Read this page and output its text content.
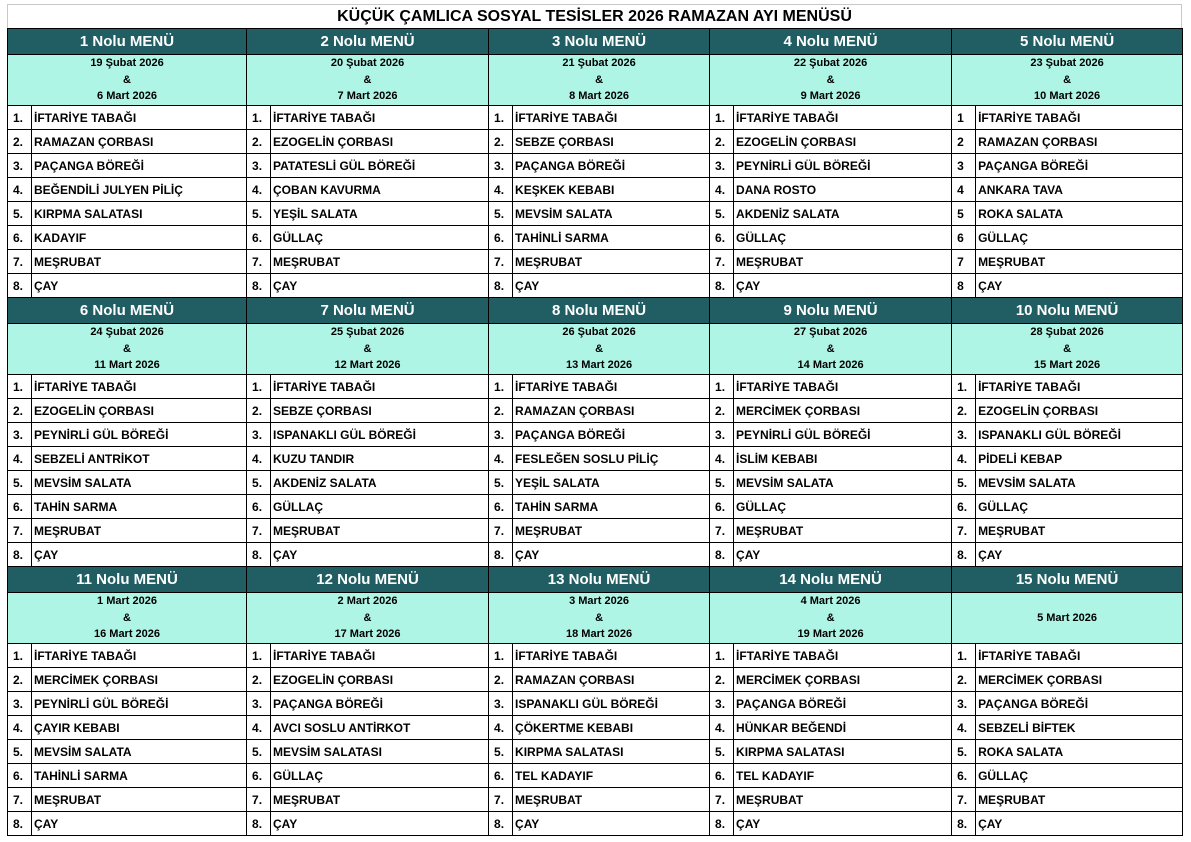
KÜÇÜK ÇAMLICA SOSYAL TESİSLER 2026 RAMAZAN AYI MENÜSÜ
1 Nolu MENÜ		2 Nolu MENÜ		3 Nolu MENÜ		4 Nolu MENÜ		5 Nolu MENÜ	

19 Şubat 2026
&
6 Mart 2026		20 Şubat 2026
&
7 Mart 2026		21 Şubat 2026
&
8 Mart 2026		22 Şubat 2026
&
9 Mart 2026		23 Şubat 2026
&
10 Mart 2026	

1.	İFTARİYE TABAĞI	1.	İFTARİYE TABAĞI	1.	İFTARİYE TABAĞI	1.	İFTARİYE TABAĞI	1	İFTARİYE TABAĞI
2.	RAMAZAN ÇORBASI	2.	EZOGELİN ÇORBASI	2.	SEBZE ÇORBASI	2.	EZOGELİN ÇORBASI	2	RAMAZAN ÇORBASI
3.	PAÇANGA BÖREĞİ	3.	PATATESLİ GÜL BÖREĞİ	3.	PAÇANGA BÖREĞİ	3.	PEYNİRLİ GÜL BÖREĞİ	3	PAÇANGA BÖREĞİ
4.	BEĞENDİLİ JULYEN PİLİÇ	4.	ÇOBAN KAVURMA	4.	KEŞKEK KEBABI	4.	DANA ROSTO	4	ANKARA TAVA
5.	KIRPMA SALATASI	5.	YEŞİL SALATA	5.	MEVSİM SALATA	5.	AKDENİZ SALATA	5	ROKA SALATA
6.	KADAYIF	6.	GÜLLAÇ	6.	TAHİNLİ SARMA	6.	GÜLLAÇ	6	GÜLLAÇ
7.	MEŞRUBAT	7.	MEŞRUBAT	7.	MEŞRUBAT	7.	MEŞRUBAT	7	MEŞRUBAT
8.	ÇAY	8.	ÇAY	8.	ÇAY	8.	ÇAY	8	ÇAY
6 Nolu MENÜ		7 Nolu MENÜ		8 Nolu MENÜ		9 Nolu MENÜ		10 Nolu MENÜ	

24 Şubat 2026
&
11 Mart 2026		25 Şubat 2026
&
12 Mart 2026		26 Şubat 2026
&
13 Mart 2026		27 Şubat 2026
&
14 Mart 2026		28 Şubat 2026
&
15 Mart 2026	

1.	İFTARİYE TABAĞI	1.	İFTARİYE TABAĞI	1.	İFTARİYE TABAĞI	1.	İFTARİYE TABAĞI	1.	İFTARİYE TABAĞI
2.	EZOGELİN ÇORBASI	2.	SEBZE ÇORBASI	2.	RAMAZAN ÇORBASI	2.	MERCİMEK ÇORBASI	2.	EZOGELİN ÇORBASI
3.	PEYNİRLİ GÜL BÖREĞİ	3.	ISPANAKLI GÜL BÖREĞİ	3.	PAÇANGA BÖREĞİ	3.	PEYNİRLİ GÜL BÖREĞİ	3.	ISPANAKLI GÜL BÖREĞİ
4.	SEBZELİ ANTRİKOT	4.	KUZU TANDIR	4.	FESLEĞEN SOSLU PİLİÇ	4.	İSLİM KEBABI	4.	PİDELİ KEBAP
5.	MEVSİM SALATA	5.	AKDENİZ SALATA	5.	YEŞİL SALATA	5.	MEVSİM SALATA	5.	MEVSİM SALATA
6.	TAHİN SARMA	6.	GÜLLAÇ	6.	TAHİN SARMA	6.	GÜLLAÇ	6.	GÜLLAÇ
7.	MEŞRUBAT	7.	MEŞRUBAT	7.	MEŞRUBAT	7.	MEŞRUBAT	7.	MEŞRUBAT
8.	ÇAY	8.	ÇAY	8.	ÇAY	8.	ÇAY	8.	ÇAY
11 Nolu MENÜ		12 Nolu MENÜ		13 Nolu MENÜ		14 Nolu MENÜ		15 Nolu MENÜ	

1 Mart 2026
&
16 Mart 2026		2 Mart 2026
&
17 Mart 2026		3 Mart 2026
&
18 Mart 2026		4 Mart 2026
&
19 Mart 2026		5 Mart 2026	

1.	İFTARİYE TABAĞI	1.	İFTARİYE TABAĞI	1.	İFTARİYE TABAĞI	1.	İFTARİYE TABAĞI	1.	İFTARİYE TABAĞI
2.	MERCİMEK ÇORBASI	2.	EZOGELİN ÇORBASI	2.	RAMAZAN ÇORBASI	2.	MERCİMEK ÇORBASI	2.	MERCİMEK ÇORBASI
3.	PEYNİRLİ GÜL BÖREĞİ	3.	PAÇANGA BÖREĞİ	3.	ISPANAKLI GÜL BÖREĞİ	3.	PAÇANGA BÖREĞİ	3.	PAÇANGA BÖREĞİ
4.	ÇAYIR KEBABI	4.	AVCI SOSLU ANTİRKOT	4.	ÇÖKERTME KEBABI	4.	HÜNKAR BEĞENDİ	4.	SEBZELİ BİFTEK
5.	MEVSİM SALATA	5.	MEVSİM SALATASI	5.	KIRPMA SALATASI	5.	KIRPMA SALATASI	5.	ROKA SALATA
6.	TAHİNLİ SARMA	6.	GÜLLAÇ	6.	TEL KADAYIF	6.	TEL KADAYIF	6.	GÜLLAÇ
7.	MEŞRUBAT	7.	MEŞRUBAT	7.	MEŞRUBAT	7.	MEŞRUBAT	7.	MEŞRUBAT
8.	ÇAY	8.	ÇAY	8.	ÇAY	8.	ÇAY	8.	ÇAY
